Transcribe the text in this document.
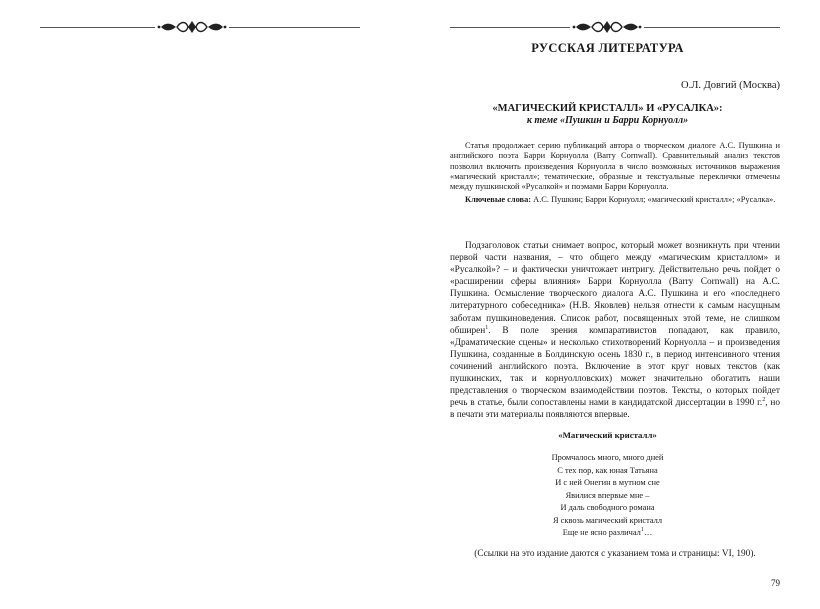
РУССКАЯ ЛИТЕРАТУРА
О.Л. Довгий (Москва)
«МАГИЧЕСКИЙ КРИСТАЛЛ» И «РУСАЛКА»:
к теме «Пушкин и Барри Корнуолл»

Статья продолжает серию публикаций автора о творческом диалоге А.С. Пушкина и английского поэта Барри Корнуолла (Barry Cornwall). Сравнительный анализ текстов позволил включить произведения Корнуолла в число возможных источников выражения «магический кристалл»; тематические, образные и текстуальные переклички отмечены между пушкинской «Русалкой» и поэмами Барри Корнуолла.

Ключевые слова: А.С. Пушкин; Барри Корнуолл; «магический кристалл»; «Русалка».

Подзаголовок статьи снимает вопрос, который может возникнуть при чтении первой части названия, – что общего между «магическим кристаллом» и «Русалкой»? – и фактически уничтожает интригу. Действительно речь пойдет о «расширении сферы влияния» Барри Корнуолла (Barry Cornwall) на А.С. Пушкина. Осмысление творческого диалога А.С. Пушкина и его «последнего литературного собеседника» (Н.В. Яковлев) нельзя отнести к самым насущным заботам пушкиноведения. Список работ, посвященных этой теме, не слишком обширен$^1$. В поле зрения компаративистов попадают, как правило, «Драматические сцены» и несколько стихотворений Корнуолла – и произведения Пушкина, созданные в Болдинскую осень 1830 г., в период интенсивного чтения сочинений английского поэта. Включение в этот круг новых текстов (как пушкинских, так и корнуолловских) может значительно обогатить наши представления о творческом взаимодействии поэтов. Тексты, о которых пойдет речь в статье, были сопоставлены нами в кандидатской диссертации в 1990 г.$^2$, но в печати эти материалы появляются впервые.

«Магический кристалл»
Промчалось много, много дней
С тех пор, как юная Татьяна
И с ней Онегин в мутном сне
Явилися впервые мне –
И даль свободного романа
Я сквозь магический кристалл
Еще не ясно различал$^1$…
(Ссылки на это издание даются с указанием тома и страницы: VI, 190).
79
